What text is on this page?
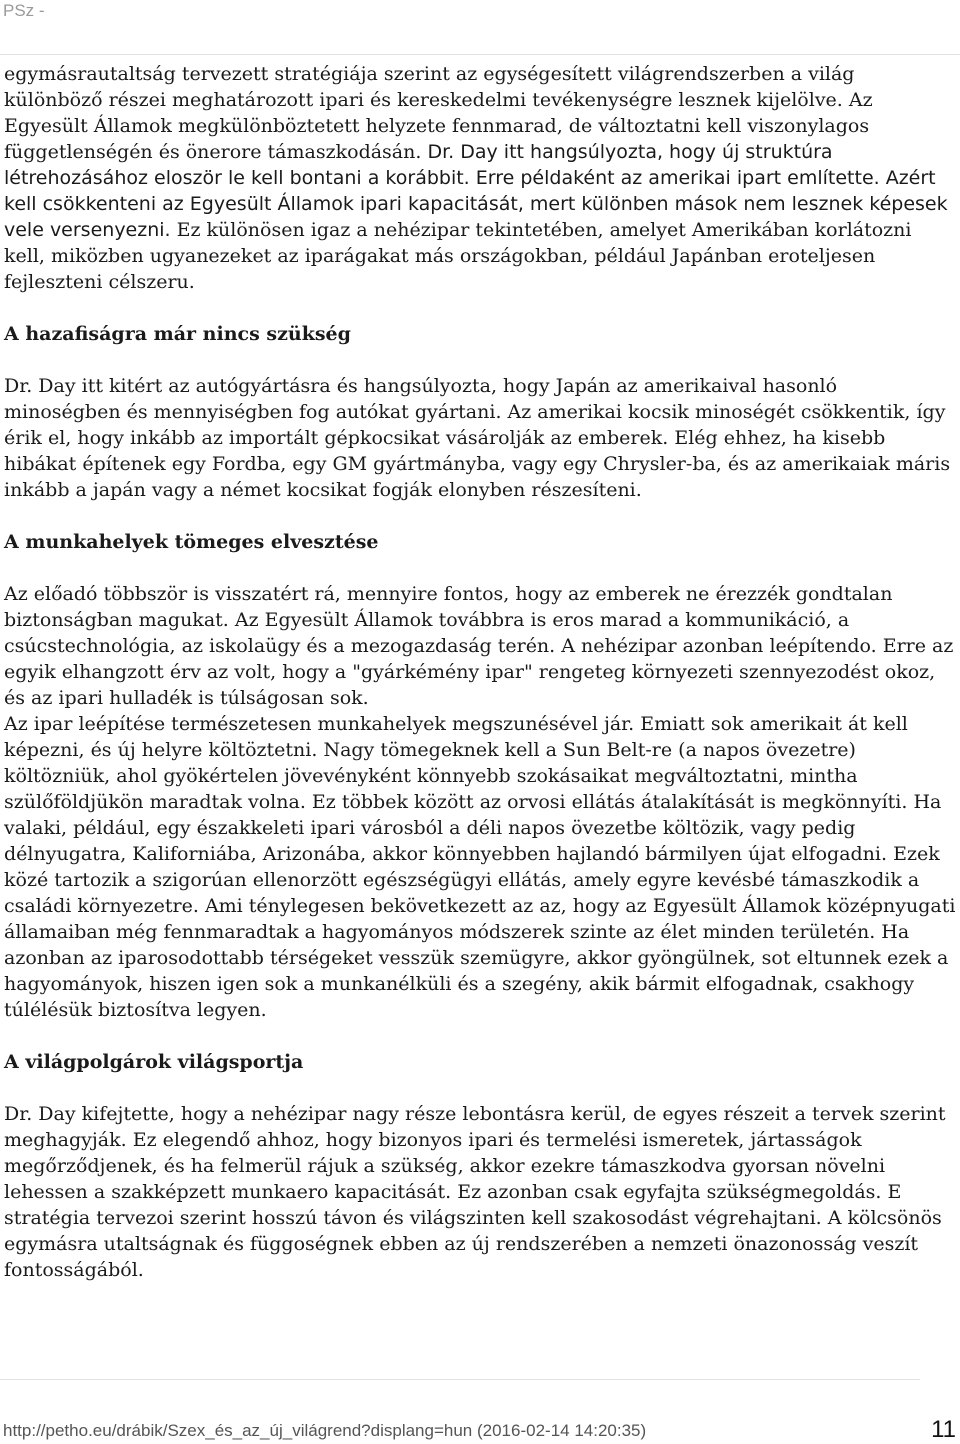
PSz -

egymásrautaltság tervezett stratégiája szerint az egységesített világrendszerben a világ különböző részei meghatározott ipari és kereskedelmi tevékenységre lesznek kijelölve. Az Egyesült Államok megkülönböztetett helyzete fennmarad, de változtatni kell viszonylagos függetlenségén és önerore támaszkodásán. Dr. Day itt hangsúlyozta, hogy új struktúra létrehozásához eloször le kell bontani a korábbit. Erre példaként az amerikai ipart említette. Azért kell csökkenteni az Egyesült Államok ipari kapacitását, mert különben mások nem lesznek képesek vele versenyezni. Ez különösen igaz a nehézipar tekintetében, amelyet Amerikában korlátozni kell, miközben ugyanezeket az iparágakat más országokban, például Japánban eroteljesen fejleszteni célszeru.

A hazafiságra már nincs szükség

Dr. Day itt kitért az autógyártásra és hangsúlyozta, hogy Japán az amerikaival hasonló minoségben és mennyiségben fog autókat gyártani. Az amerikai kocsik minoségét csökkentik, így érik el, hogy inkább az importált gépkocsikat vásárolják az emberek. Elég ehhez, ha kisebb hibákat építenek egy Fordba, egy GM gyártmányba, vagy egy Chrysler-ba, és az amerikaiak máris inkább a japán vagy a német kocsikat fogják elonyben részesíteni.

A munkahelyek tömeges elvesztése

Az előadó többször is visszatért rá, mennyire fontos, hogy az emberek ne érezzék gondtalan biztonságban magukat. Az Egyesült Államok továbbra is eros marad a kommunikáció, a csúcstechnológia, az iskolaügy és a mezogazdaság terén. A nehézipar azonban leépítendo. Erre az egyik elhangzott érv az volt, hogy a "gyárkémény ipar" rengeteg környezeti szennyezodést okoz, és az ipari hulladék is túlságosan sok.

Az ipar leépítése természetesen munkahelyek megszunésével jár. Emiatt sok amerikait át kell képezni, és új helyre költöztetni. Nagy tömegeknek kell a Sun Belt-re (a napos övezetre) költözniük, ahol gyökértelen jövevényként könnyebb szokásaikat megváltoztatni, mintha szülőföldjükön maradtak volna. Ez többek között az orvosi ellátás átalakítását is megkönnyíti. Ha valaki, például, egy északkeleti ipari városból a déli napos övezetbe költözik, vagy pedig délnyugatra, Kaliforniába, Arizonába, akkor könnyebben hajlandó bármilyen újat elfogadni. Ezek közé tartozik a szigorúan ellenorzött egészségügyi ellátás, amely egyre kevésbé támaszkodik a családi környezetre. Ami ténylegesen bekövetkezett az az, hogy az Egyesült Államok középnyugati államaiban még fennmaradtak a hagyományos módszerek szinte az élet minden területén. Ha azonban az iparosodottabb térségeket vesszük szemügyre, akkor gyöngülnek, sot eltunnek ezek a hagyományok, hiszen igen sok a munkanélküli és a szegény, akik bármit elfogadnak, csakhogy túlélésük biztosítva legyen.

A világpolgárok világsportja

Dr. Day kifejtette, hogy a nehézipar nagy része lebontásra kerül, de egyes részeit a tervek szerint meghagyják. Ez elegendő ahhoz, hogy bizonyos ipari és termelési ismeretek, jártasságok megőrződjenek, és ha felmerül rájuk a szükség, akkor ezekre támaszkodva gyorsan növelni lehessen a szakképzett munkaero kapacitását. Ez azonban csak egyfajta szükségmegoldás. E stratégia tervezoi szerint hosszú távon és világszinten kell szakosodást végrehajtani. A kölcsönös egymásra utaltságnak és függoségnek ebben az új rendszerében a nemzeti önazonosság veszít fontosságából.

http://petho.eu/drábik/Szex_és_az_új_világrend?displang=hun (2016-02-14 14:20:35)	11
